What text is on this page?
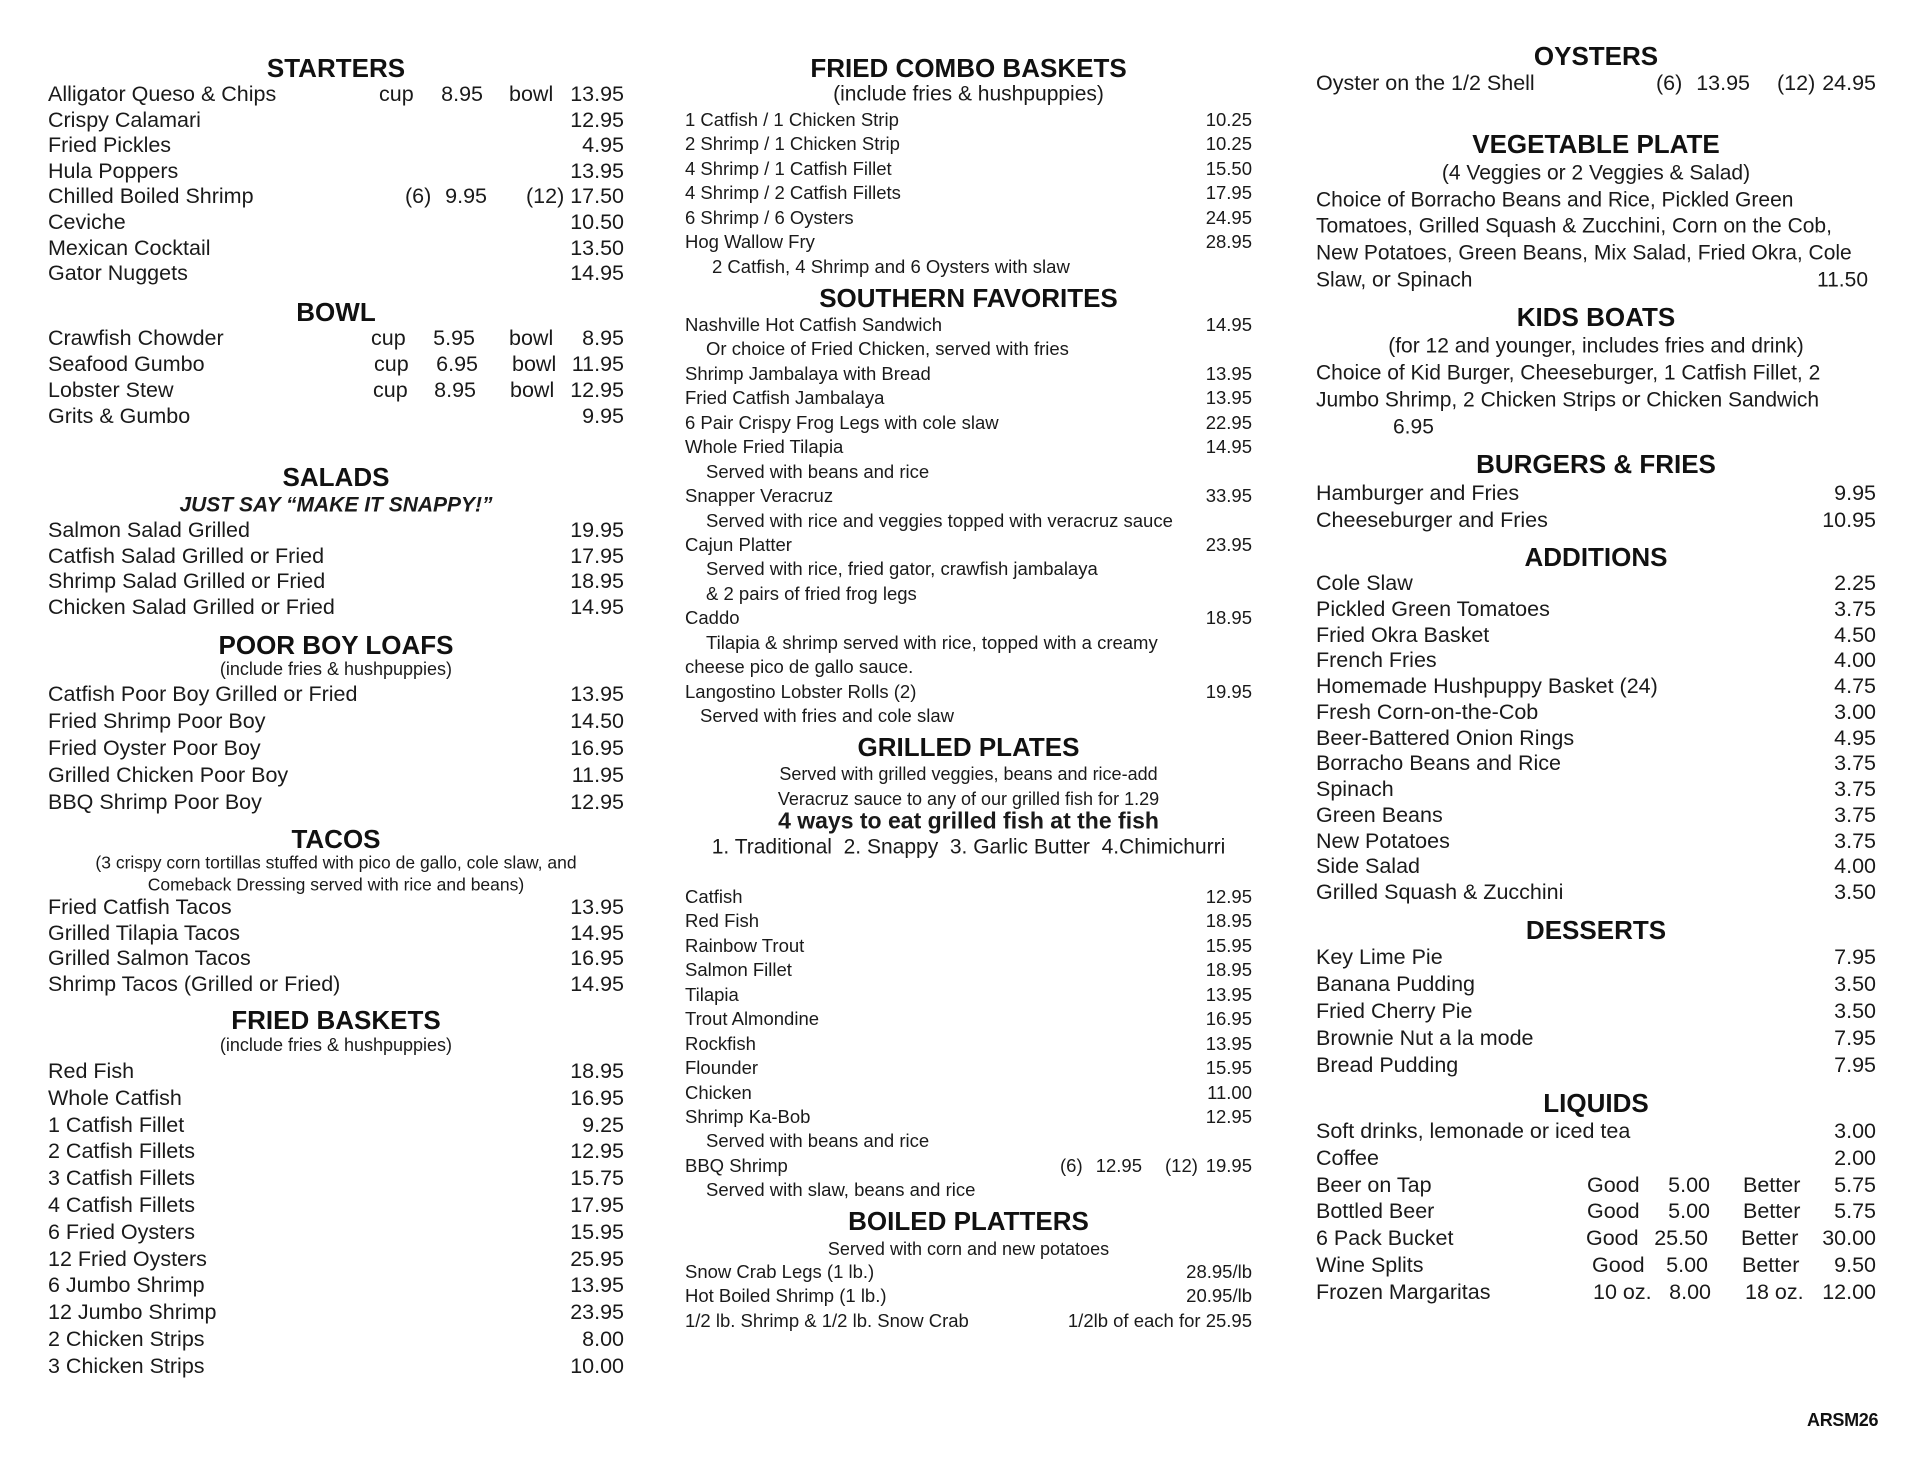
STARTERS
Alligator Queso & Chips	cup 8.95 bowl 13.95
Crispy Calamari	12.95
Fried Pickles	4.95
Hula Poppers	13.95
Chilled Boiled Shrimp	(6) 9.95 (12) 17.50
Ceviche	10.50
Mexican Cocktail	13.50
Gator Nuggets	14.95
BOWL
Crawfish Chowder	cup 5.95 bowl 8.95
Seafood Gumbo	cup 6.95 bowl 11.95
Lobster Stew	cup 8.95 bowl 12.95
Grits & Gumbo	9.95
SALADS
JUST SAY “MAKE IT SNAPPY!”
Salmon Salad Grilled	19.95
Catfish Salad Grilled or Fried	17.95
Shrimp Salad Grilled or Fried	18.95
Chicken Salad Grilled or Fried	14.95
POOR BOY LOAFS
(include fries & hushpuppies)
Catfish Poor Boy Grilled or Fried	13.95
Fried Shrimp Poor Boy	14.50
Fried Oyster Poor Boy	16.95
Grilled Chicken Poor Boy	11.95
BBQ Shrimp Poor Boy	12.95
TACOS
(3 crispy corn tortillas stuffed with pico de gallo, cole slaw, and
Comeback Dressing served with rice and beans)
Fried Catfish Tacos	13.95
Grilled Tilapia Tacos	14.95
Grilled Salmon Tacos	16.95
Shrimp Tacos (Grilled or Fried)	14.95
FRIED BASKETS
(include fries & hushpuppies)
Red Fish	18.95
Whole Catfish	16.95
1 Catfish Fillet	9.25
2 Catfish Fillets	12.95
3 Catfish Fillets	15.75
4 Catfish Fillets	17.95
6 Fried Oysters	15.95
12 Fried Oysters	25.95
6 Jumbo Shrimp	13.95
12 Jumbo Shrimp	23.95
2 Chicken Strips	8.00
3 Chicken Strips	10.00
FRIED COMBO BASKETS
(include fries & hushpuppies)
1 Catfish / 1 Chicken Strip	10.25
2 Shrimp / 1 Chicken Strip	10.25
4 Shrimp / 1 Catfish Fillet	15.50
4 Shrimp / 2 Catfish Fillets	17.95
6 Shrimp / 6 Oysters	24.95
Hog Wallow Fry	28.95
2 Catfish, 4 Shrimp and 6 Oysters with slaw
SOUTHERN FAVORITES
Nashville Hot Catfish Sandwich	14.95
Or choice of Fried Chicken, served with fries
Shrimp Jambalaya with Bread	13.95
Fried Catfish Jambalaya	13.95
6 Pair Crispy Frog Legs with cole slaw	22.95
Whole Fried Tilapia	14.95
Served with beans and rice
Snapper Veracruz	33.95
Served with rice and veggies topped with veracruz sauce
Cajun Platter	23.95
Served with rice, fried gator, crawfish jambalaya
& 2 pairs of fried frog legs
Caddo	18.95
Tilapia & shrimp served with rice, topped with a creamy
cheese pico de gallo sauce.
Langostino Lobster Rolls (2)	19.95
Served with fries and cole slaw
GRILLED PLATES
Served with grilled veggies, beans and rice-add
Veracruz sauce to any of our grilled fish for 1.29
4 ways to eat grilled fish at the fish
1. Traditional  2. Snappy  3. Garlic Butter  4.Chimichurri
Catfish	12.95
Red Fish	18.95
Rainbow Trout	15.95
Salmon Fillet	18.95
Tilapia	13.95
Trout Almondine	16.95
Rockfish	13.95
Flounder	15.95
Chicken	11.00
Shrimp Ka-Bob	12.95
Served with beans and rice
BBQ Shrimp	(6) 12.95 (12) 19.95
Served with slaw, beans and rice
BOILED PLATTERS
Served with corn and new potatoes
Snow Crab Legs (1 lb.)	28.95/lb
Hot Boiled Shrimp (1 lb.)	20.95/lb
1/2 lb. Shrimp & 1/2 lb. Snow Crab	1/2lb of each for 25.95
OYSTERS
Oyster on the 1/2 Shell	(6) 13.95 (12) 24.95
VEGETABLE PLATE
(4 Veggies or 2 Veggies & Salad)
Choice of Borracho Beans and Rice, Pickled Green
Tomatoes, Grilled Squash & Zucchini, Corn on the Cob,
New Potatoes, Green Beans, Mix Salad, Fried Okra, Cole
Slaw, or Spinach	11.50
KIDS BOATS
(for 12 and younger, includes fries and drink)
Choice of Kid Burger, Cheeseburger, 1 Catfish Fillet, 2
Jumbo Shrimp, 2 Chicken Strips or Chicken Sandwich
6.95
BURGERS & FRIES
Hamburger and Fries	9.95
Cheeseburger and Fries	10.95
ADDITIONS
Cole Slaw	2.25
Pickled Green Tomatoes	3.75
Fried Okra Basket	4.50
French Fries	4.00
Homemade Hushpuppy Basket (24)	4.75
Fresh Corn-on-the-Cob	3.00
Beer-Battered Onion Rings	4.95
Borracho Beans and Rice	3.75
Spinach	3.75
Green Beans	3.75
New Potatoes	3.75
Side Salad	4.00
Grilled Squash & Zucchini	3.50
DESSERTS
Key Lime Pie	7.95
Banana Pudding	3.50
Fried Cherry Pie	3.50
Brownie Nut a la mode	7.95
Bread Pudding	7.95
LIQUIDS
Soft drinks, lemonade or iced tea	3.00
Coffee	2.00
Beer on Tap	Good 5.00 Better 5.75
Bottled Beer	Good 5.00 Better 5.75
6 Pack Bucket	Good 25.50 Better 30.00
Wine Splits	Good 5.00 Better 9.50
Frozen Margaritas	10 oz. 8.00 18 oz. 12.00
ARSM26
